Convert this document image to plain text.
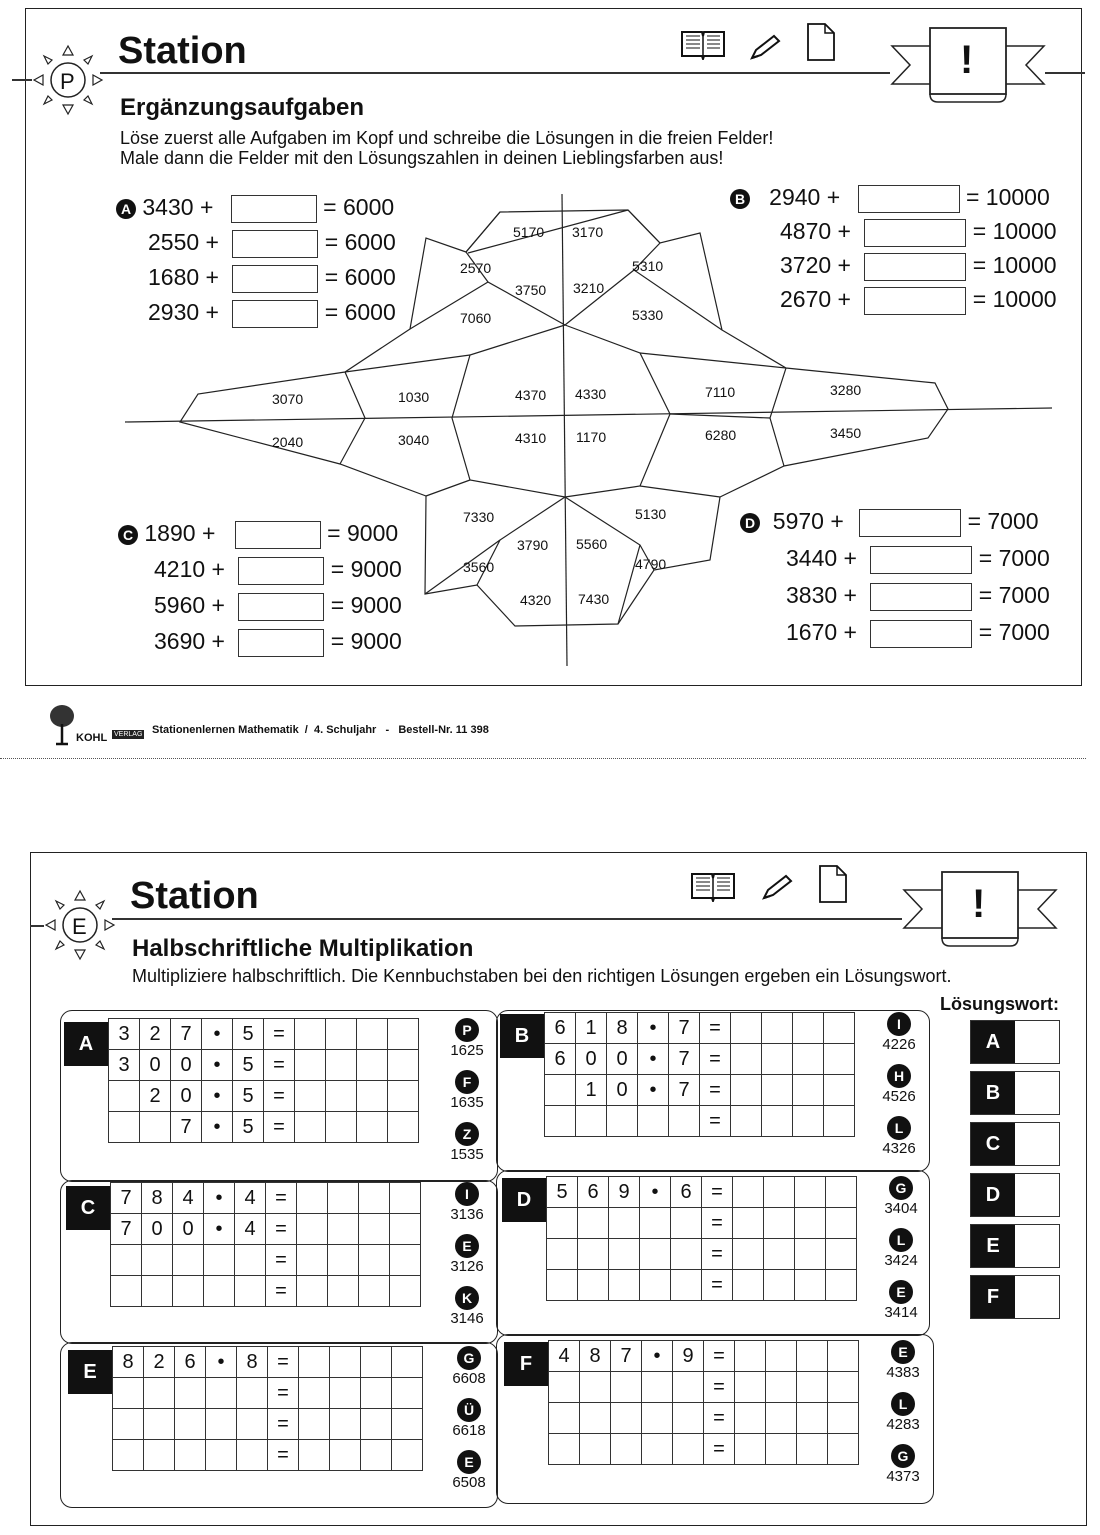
P
Station	!
Ergänzungsaufgaben
Löse zuerst alle Aufgaben im Kopf und schreibe die Lösungen in die freien Felder!
Male dann die Felder mit den Lösungszahlen in deinen Lieblingsfarben aus!
5170 3170
2570
3750 3210
5310
7060	5330
3070	1030	4370 4330	7110	3280
2040	3040	4310 1170	6280	3450
7330	5130
3790 5560
3560	4790
4320 7430
A 3430 +	= 6000
2550 +	= 6000
1680 +	= 6000
2930 +	= 6000
B 2940 +	= 10000
4870 +	= 10000
3720 +	= 10000
2670 +	= 10000
C 1890 +	= 9000
4210 +	= 9000
5960 +	= 9000
3690 +	= 9000
D 5970 +	= 7000
3440 +	= 7000
3830 +	= 7000
1670 +	= 7000
KOHL VERLAG Stationenlernen Mathematik  /  4. Schuljahr   -   Bestell-Nr. 11 398
E
Station	!
Halbschriftliche Multiplikation
Multipliziere halbschriftlich. Die Kennbuchstaben bei den richtigen Lösungen ergeben ein Lösungswort.
Lösungswort:
A	B
C	D
E	F
3	2	7	•	5	=				
3	0	0	•	5	=				
	2	0	•	5	=				
		7	•	5	=				
6	1	8	•	7	=				
6	0	0	•	7	=				
	1	0	•	7	=				
					=				
7	8	4	•	4	=				
7	0	0	•	4	=				
					=				
					=				
5	6	9	•	6	=				
					=				
					=				
					=				
8	2	6	•	8	=				
					=				
					=				
					=				
4	8	7	•	9	=				
					=				
					=				
					=				
P
1625
F
1635
Z
1535
I
4226
H
4526
L
4326
I
3136
E
3126
K
3146
G
3404
L
3424
E
3414
G
6608
Ü
6618
E
6508
E
4383
L
4283
G
4373
A
B
C
D
E
F
